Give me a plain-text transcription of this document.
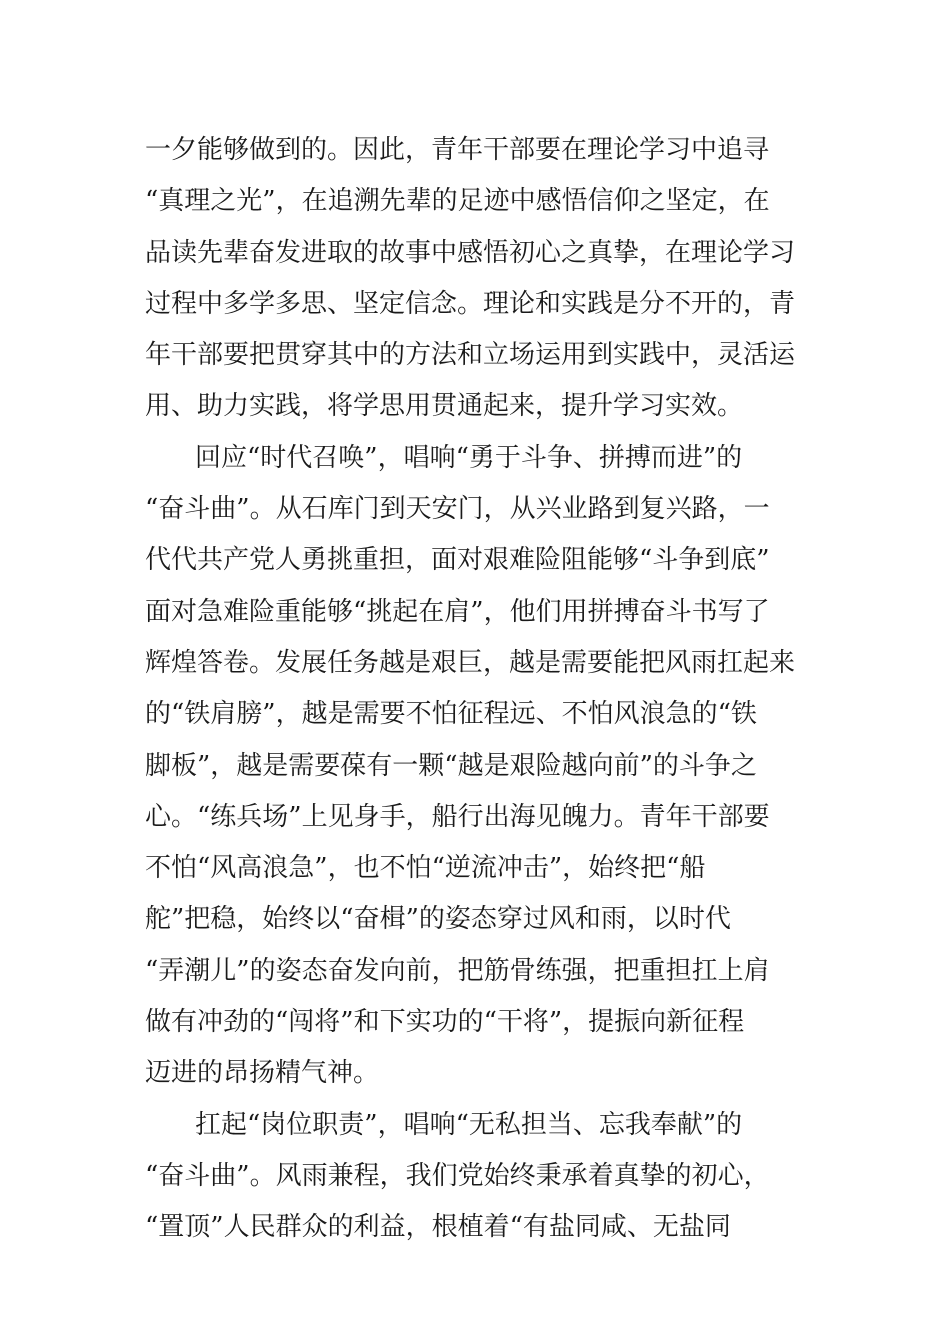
一夕能够做到的。因此，青年干部要在理论学习中追寻
“真理之光”，在追溯先辈的足迹中感悟信仰之坚定，在
品读先辈奋发进取的故事中感悟初心之真挚，在理论学习
过程中多学多思、坚定信念。理论和实践是分不开的，青
年干部要把贯穿其中的方法和立场运用到实践中，灵活运
用、助力实践，将学思用贯通起来，提升学习实效。
回应“时代召唤”，唱响“勇于斗争、拼搏而进”的
“奋斗曲”。从石库门到天安门，从兴业路到复兴路，一
代代共产党人勇挑重担，面对艰难险阻能够“斗争到底”
面对急难险重能够“挑起在肩”，他们用拼搏奋斗书写了
辉煌答卷。发展任务越是艰巨，越是需要能把风雨扛起来
的“铁肩膀”，越是需要不怕征程远、不怕风浪急的“铁
脚板”，越是需要葆有一颗“越是艰险越向前”的斗争之
心。“练兵场”上见身手，船行出海见魄力。青年干部要
不怕“风高浪急”，也不怕“逆流冲击”，始终把“船
舵”把稳，始终以“奋楫”的姿态穿过风和雨，以时代
“弄潮儿”的姿态奋发向前，把筋骨练强，把重担扛上肩
做有冲劲的“闯将”和下实功的“干将”，提振向新征程
迈进的昂扬精气神。
扛起“岗位职责”，唱响“无私担当、忘我奉献”的
“奋斗曲”。风雨兼程，我们党始终秉承着真挚的初心，
“置顶”人民群众的利益，根植着“有盐同咸、无盐同
